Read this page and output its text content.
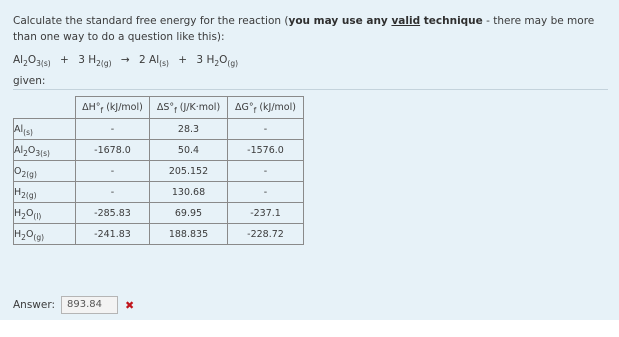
Calculate the standard free energy for the reaction (you may use any valid technique - there may be more than one way to do a question like this):
$Al_2O_{3(s)} + 3$ $H_{2(g)} \to 2$ $Al_{(s)} + 3$ $H_2O_{(g)}$
given:
	$\Delta H^\circ_f$ (kJ/mol)	$\Delta S^\circ_f$ (J/K·mol)	$\Delta G^\circ_f$ (kJ/mol)
$Al_{(s)}$	-	28.3	-
$Al_2O_{3(s)}$	-1678.0	50.4	-1576.0
$O_{2(g)}$	-	205.152	-
$H_{2(g)}$	-	130.68	-
$H_2O_{(l)}$	-285.83	69.95	-237.1
$H_2O_{(g)}$	-241.83	188.835	-228.72
Answer:	893.84	✖
